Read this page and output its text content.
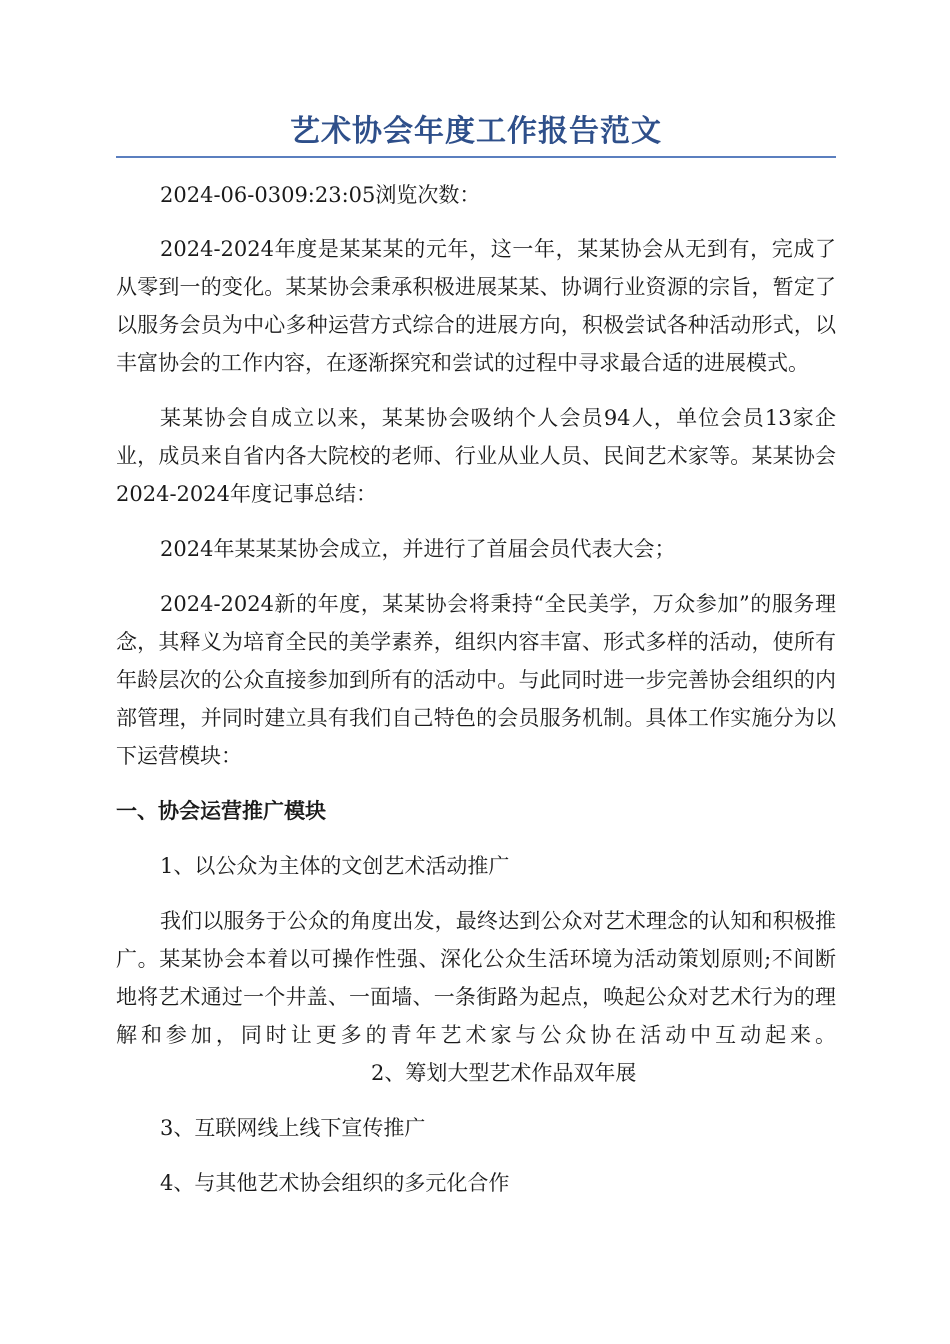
艺术协会年度工作报告范文

2024-06-0309:23:05浏览次数：

2024-2024年度是某某某的元年，这一年，某某协会从无到有，完成了从零到一的变化。某某协会秉承积极进展某某、协调行业资源的宗旨，暂定了以服务会员为中心多种运营方式综合的进展方向，积极尝试各种活动形式，以丰富协会的工作内容，在逐渐探究和尝试的过程中寻求最合适的进展模式。

某某协会自成立以来，某某协会吸纳个人会员94人，单位会员13家企业，成员来自省内各大院校的老师、行业从业人员、民间艺术家等。某某协会2024-2024年度记事总结：

2024年某某某协会成立，并进行了首届会员代表大会；

2024-2024新的年度，某某协会将秉持“全民美学，万众参加”的服务理念，其释义为培育全民的美学素养，组织内容丰富、形式多样的活动，使所有年龄层次的公众直接参加到所有的活动中。与此同时进一步完善协会组织的内部管理，并同时建立具有我们自己特色的会员服务机制。具体工作实施分为以下运营模块：

一、协会运营推广模块

1、以公众为主体的文创艺术活动推广

我们以服务于公众的角度出发，最终达到公众对艺术理念的认知和积极推广。某某协会本着以可操作性强、深化公众生活环境为活动策划原则;不间断地将艺术通过一个井盖、一面墙、一条街路为起点，唤起公众对艺术行为的理解和参加，同时让更多的青年艺术家与公众协在活动中互动起来。2、筹划大型艺术作品双年展

3、互联网线上线下宣传推广

4、与其他艺术协会组织的多元化合作
